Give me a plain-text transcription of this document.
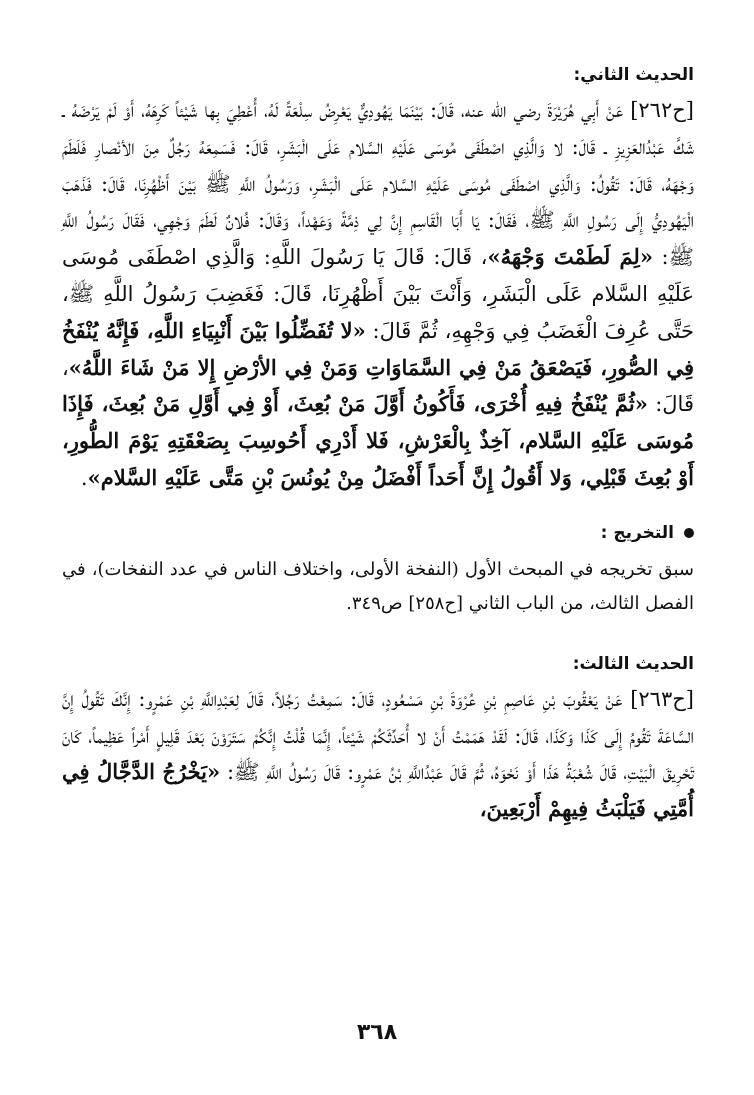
الحديث الثاني:

[ح٢٦٢] عَنْ أَبِي هُرَيْرَةَ رضي الله عنه، قَالَ: بَيْنَمَا يَهُودِيٌّ يَعْرِضُ سِلْعَةً لَهُ، أُعْطِيَ بِها شَيْئاً كَرِهَهُ، أَوْ لَمْ يَرْضَهُ ـ شَكَّ عَبْدُالعَزِيزِ ـ قَالَ: لا وَالَّذِي اصْطَفَى مُوسَى عَلَيْهِ السَّلام عَلَى الْبَشَرِ، قَالَ: فَسَمِعَهُ رَجُلٌ مِنَ الأنْصارِ فَلَطَمَ وَجْهَهُ، قَالَ: تَقُولُ: وَالَّذِي اصْطَفَى مُوسَى عَلَيْهِ السَّلام عَلَى الْبَشَرِ، وَرَسُولُ اللَّهِ ﷺ بَيْنَ أَظْهُرِنَا، قَالَ: فَذَهَبَ الْيَهُودِيُّ إِلَى رَسُولِ اللَّهِ ﷺ، فَقَالَ: يَا أَبَا الْقَاسِمِ إِنَّ لِي ذِمَّةً وَعَهْداً، وَقَالَ: فُلانٌ لَطَمَ وَجْهِي، فَقَالَ رَسُولُ اللَّهِ ﷺ: «لِمَ لَطَمْتَ وَجْهَهُ»، قَالَ: قَالَ يَا رَسُولَ اللَّهِ: وَالَّذِي اصْطَفَى مُوسَى عَلَيْهِ السَّلام عَلَى الْبَشَرِ، وَأَنْتَ بَيْنَ أَظْهُرِنَا، قَالَ: فَغَضِبَ رَسُولُ اللَّهِ ﷺ، حَتَّى عُرِفَ الْغَضَبُ فِي وَجْهِهِ، ثُمَّ قَالَ: «لا تُفَضِّلُوا بَيْنَ أَنْبِيَاءِ اللَّهِ، فَإِنَّهُ يُنْفَخُ فِي الصُّورِ، فَيَصْعَقُ مَنْ فِي السَّمَاوَاتِ وَمَنْ فِي الأرْضِ إِلا مَنْ شَاءَ اللَّهُ»، قَالَ: «ثُمَّ يُنْفَخُ فِيهِ أُخْرَى، فَأَكُونُ أَوَّلَ مَنْ بُعِثَ، أَوْ فِي أَوَّلِ مَنْ بُعِثَ، فَإِذَا مُوسَى عَلَيْهِ السَّلام، آخِذٌ بِالْعَرْشِ، فَلا أَدْرِي أَحُوسِبَ بِصَعْقَتِهِ يَوْمَ الطُّورِ، أَوْ بُعِثَ قَبْلِي، وَلا أَقُولُ إِنَّ أَحَداً أَفْضَلُ مِنْ يُونُسَ بْنِ مَتَّى عَلَيْهِ السَّلام».

التخريج :

سبق تخريجه في المبحث الأول (النفخة الأولى، واختلاف الناس في عدد النفخات)، في الفصل الثالث، من الباب الثاني [ح٢٥٨] ص٣٤٩.

الحديث الثالث:

[ح٢٦٣] عَنْ يَعْقُوبَ بْنِ عَاصِمِ بْنِ عُرْوَةَ بْنِ مَسْعُودٍ، قَالَ: سَمِعْتُ رَجُلاً، قَالَ لِعَبْدِاللَّهِ بْنِ عَمْرٍو: إِنَّكَ تَقُولُ إِنَّ السَّاعَةَ تَقُومُ إِلَى كَذَا وَكَذَا، قَالَ: لَقَدْ هَمَمْتُ أَنْ لا أُحَدِّثَكُمْ شَيْئاً، إِنَّمَا قُلْتُ إِنَّكُمْ سَتَرَوْنَ بَعْدَ قَلِيلٍ أَمْراً عَظِيماً، كَانَ تَحْرِيقَ الْبَيْتِ، قَالَ شُعْبَةُ هَذَا أَوْ نَحْوَهُ، ثُمَّ قَالَ عَبْدُاللَّهِ بْنُ عَمْرٍو: قَالَ رَسُولُ اللَّهِ ﷺ: «يَخْرُجُ الدَّجَّالُ فِي أُمَّتِي فَيَلْبَثُ فِيهِمْ أَرْبَعِينَ،

٣٦٨
